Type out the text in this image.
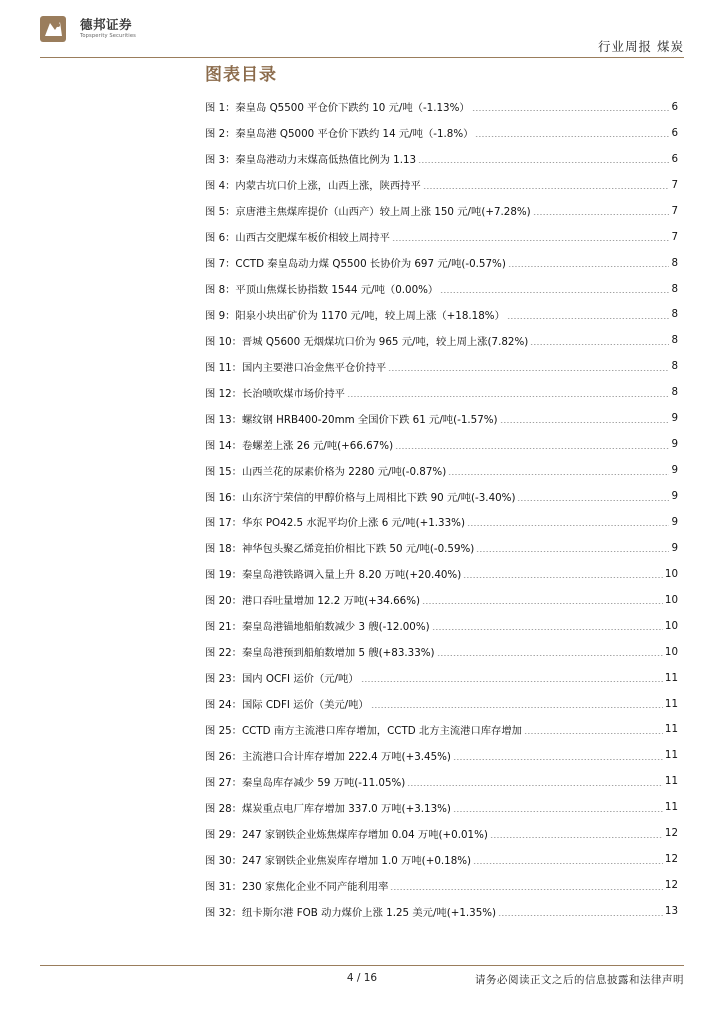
德邦证券
Topsperity Securities
行业周报 煤炭
图表目录
图 1：秦皇岛 Q5500 平仓价下跌约 10 元/吨（-1.13%）	6
图 2：秦皇岛港 Q5000 平仓价下跌约 14 元/吨（-1.8%）	6
图 3：秦皇岛港动力末煤高低热值比例为 1.13	6
图 4：内蒙古坑口价上涨，山西上涨，陕西持平	7
图 5：京唐港主焦煤库提价（山西产）较上周上涨 150 元/吨(+7.28%)	7
图 6：山西古交肥煤车板价相较上周持平	7
图 7：CCTD 秦皇岛动力煤 Q5500 长协价为 697 元/吨(-0.57%)	8
图 8：平顶山焦煤长协指数 1544 元/吨（0.00%）	8
图 9：阳泉小块出矿价为 1170 元/吨，较上周上涨（+18.18%）	8
图 10：晋城 Q5600 无烟煤坑口价为 965 元/吨，较上周上涨(7.82%)	8
图 11：国内主要港口冶金焦平仓价持平	8
图 12：长治喷吹煤市场价持平	8
图 13：螺纹钢 HRB400-20mm 全国价下跌 61 元/吨(-1.57%)	9
图 14：卷螺差上涨 26 元/吨(+66.67%)	9
图 15：山西兰花的尿素价格为 2280 元/吨(-0.87%)	9
图 16：山东济宁荣信的甲醇价格与上周相比下跌 90 元/吨(-3.40%)	9
图 17：华东 PO42.5 水泥平均价上涨 6 元/吨(+1.33%)	9
图 18：神华包头聚乙烯竞拍价相比下跌 50 元/吨(-0.59%)	9
图 19：秦皇岛港铁路调入量上升 8.20 万吨(+20.40%)	10
图 20：港口吞吐量增加 12.2 万吨(+34.66%)	10
图 21：秦皇岛港锚地船舶数减少 3 艘(-12.00%)	10
图 22：秦皇岛港预到船舶数增加 5 艘(+83.33%)	10
图 23：国内 OCFI 运价（元/吨）	11
图 24：国际 CDFI 运价（美元/吨）	11
图 25：CCTD 南方主流港口库存增加，CCTD 北方主流港口库存增加	11
图 26：主流港口合计库存增加 222.4 万吨(+3.45%)	11
图 27：秦皇岛库存减少 59 万吨(-11.05%)	11
图 28：煤炭重点电厂库存增加 337.0 万吨(+3.13%)	11
图 29：247 家钢铁企业炼焦煤库存增加 0.04 万吨(+0.01%)	12
图 30：247 家钢铁企业焦炭库存增加 1.0 万吨(+0.18%)	12
图 31：230 家焦化企业不同产能利用率	12
图 32：纽卡斯尔港 FOB 动力煤价上涨 1.25 美元/吨(+1.35%)	13
4 / 16	请务必阅读正文之后的信息披露和法律声明
